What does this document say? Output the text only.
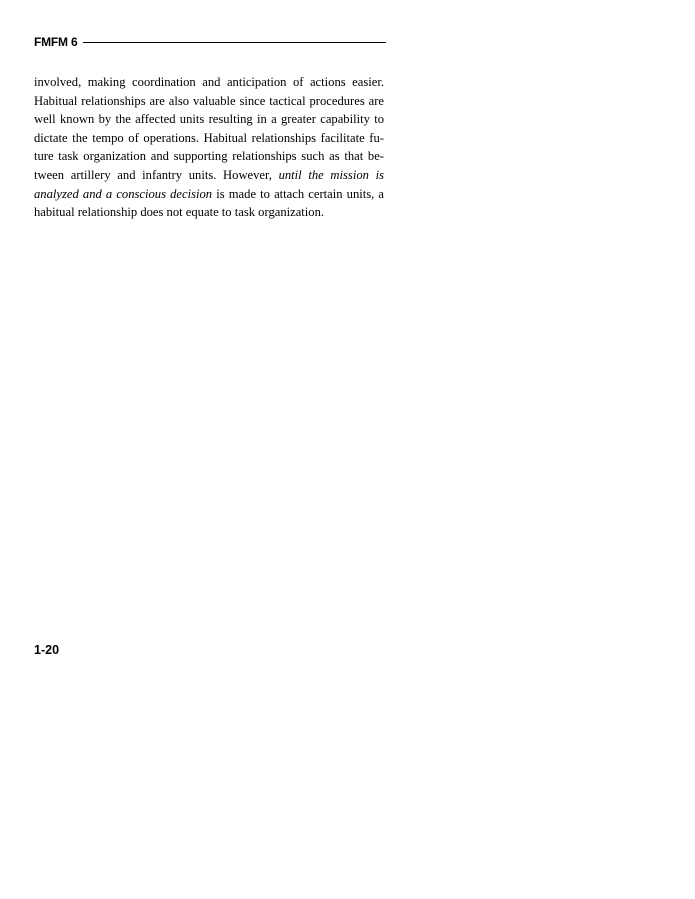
FMFM 6
involved, making coordination and anticipation of actions easier.
Habitual relationships are also valuable since tactical procedures are
well known by the affected units resulting in a greater capability to
dictate the tempo of operations. Habitual relationships facilitate fu-
ture task organization and supporting relationships such as that be-
tween artillery and infantry units. However, until the mission is
analyzed and a conscious decision is made to attach certain units, a
habitual relationship does not equate to task organization.
1-20
